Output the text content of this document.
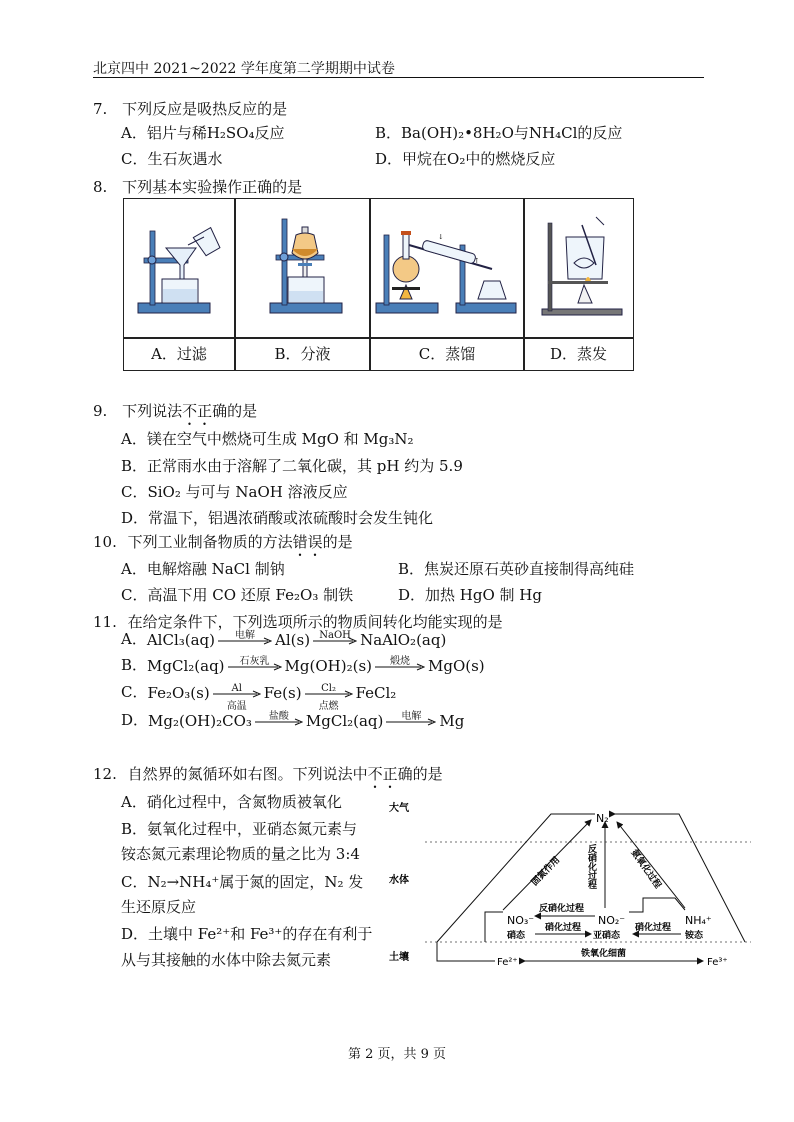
北京四中 2021~2022 学年度第二学期期中试卷
7. 下列反应是吸热反应的是
A．铝片与稀H₂SO₄反应	B．Ba(OH)₂•8H₂O与NH₄Cl的反应
C．生石灰遇水	D．甲烷在O₂中的燃烧反应
8. 下列基本实验操作正确的是
↓
↑
A．过滤	B．分液	C．蒸馏	D．蒸发
9. 下列说法不正确的是
A．镁在空气中燃烧可生成 MgO 和 Mg₃N₂
B．正常雨水由于溶解了二氧化碳，其 pH 约为 5.9
C．SiO₂ 与可与 NaOH 溶液反应
D．常温下，铝遇浓硝酸或浓硫酸时会发生钝化
10. 下列工业制备物质的方法错误的是
A．电解熔融 NaCl 制钠	B．焦炭还原石英砂直接制得高纯硅
C．高温下用 CO 还原 Fe₂O₃ 制铁	D．加热 HgO 制 Hg
11. 在给定条件下，下列选项所示的物质间转化均能实现的是
A． AlCl₃(aq) 电解 Al(s) NaOH NaAlO₂(aq)
B． MgCl₂(aq) 石灰乳 Mg(OH)₂(s) 煅烧 MgO(s)
C． Fe₂O₃(s) Al
高温
Fe(s) Cl₂
点燃
FeCl₂
D． Mg₂(OH)₂CO₃ 盐酸 MgCl₂(aq) 电解 Mg
12. 自然界的氮循环如右图。下列说法中不正确的是
A．硝化过程中，含氮物质被氧化
B．氨氧化过程中，亚硝态氮元素与
铵态氮元素理论物质的量之比为 3:4
C．N₂→NH₄⁺属于氮的固定，N₂ 发
生还原反应
D．土壤中 Fe²⁺和 Fe³⁺的存在有利于
从与其接触的水体中除去氮元素
大气
水体
土壤
N₂
固氮作用	反硝化过程	氨氧化过程
NO₃⁻
硝态
NO₂⁻
亚硝态
NH₄⁺
铵态
反硝化过程
硝化过程	硝化过程
Fe²⁺	Fe³⁺
铁氧化细菌
第 2 页，共 9 页
